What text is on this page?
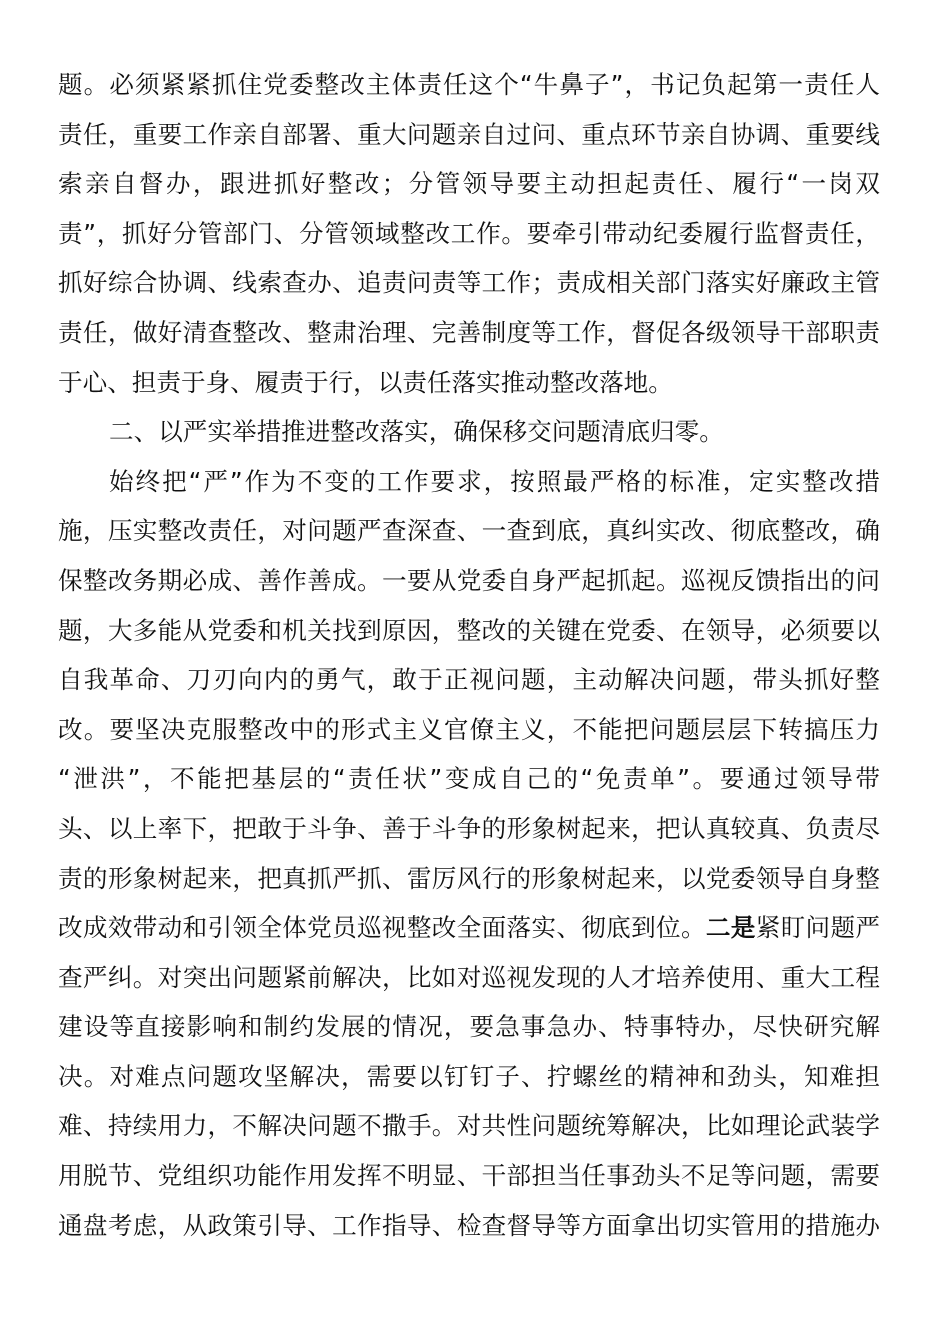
题。必须紧紧抓住党委整改主体责任这个“牛鼻子”，书记负起第一责任人
责任，重要工作亲自部署、重大问题亲自过问、重点环节亲自协调、重要线
索亲自督办，跟进抓好整改；分管领导要主动担起责任、履行“一岗双
责”，抓好分管部门、分管领域整改工作。要牵引带动纪委履行监督责任，
抓好综合协调、线索查办、追责问责等工作；责成相关部门落实好廉政主管
责任，做好清查整改、整肃治理、完善制度等工作，督促各级领导干部职责
于心、担责于身、履责于行，以责任落实推动整改落地。
二、以严实举措推进整改落实，确保移交问题清底归零。
始终把“严”作为不变的工作要求，按照最严格的标准，定实整改措
施，压实整改责任，对问题严查深查、一查到底，真纠实改、彻底整改，确
保整改务期必成、善作善成。一要从党委自身严起抓起。巡视反馈指出的问
题，大多能从党委和机关找到原因，整改的关键在党委、在领导，必须要以
自我革命、刀刃向内的勇气，敢于正视问题，主动解决问题，带头抓好整
改。要坚决克服整改中的形式主义官僚主义，不能把问题层层下转搞压力
“泄洪”，不能把基层的“责任状”变成自己的“免责单”。要通过领导带
头、以上率下，把敢于斗争、善于斗争的形象树起来，把认真较真、负责尽
责的形象树起来，把真抓严抓、雷厉风行的形象树起来，以党委领导自身整
改成效带动和引领全体党员巡视整改全面落实、彻底到位。二是紧盯问题严
查严纠。对突出问题紧前解决，比如对巡视发现的人才培养使用、重大工程
建设等直接影响和制约发展的情况，要急事急办、特事特办，尽快研究解
决。对难点问题攻坚解决，需要以钉钉子、拧螺丝的精神和劲头，知难担
难、持续用力，不解决问题不撒手。对共性问题统筹解决，比如理论武装学
用脱节、党组织功能作用发挥不明显、干部担当任事劲头不足等问题，需要
通盘考虑，从政策引导、工作指导、检查督导等方面拿出切实管用的措施办
